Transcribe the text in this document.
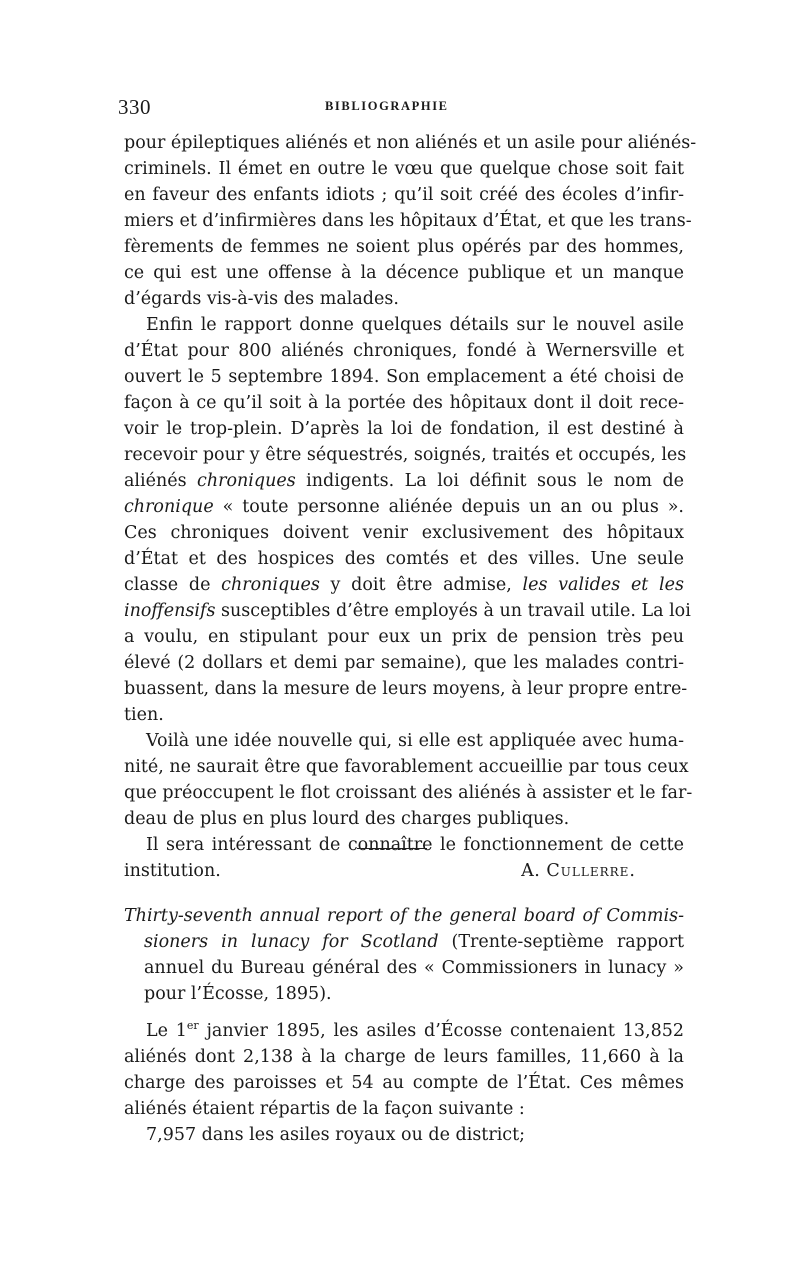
330	BIBLIOGRAPHIE
pour épileptiques aliénés et non aliénés et un asile pour aliénés-
criminels. Il émet en outre le vœu que quelque chose soit fait
en faveur des enfants idiots ; qu’il soit créé des écoles d’infir-
miers et d’infirmières dans les hôpitaux d’État, et que les trans-
fèrements de femmes ne soient plus opérés par des hommes,
ce qui est une offense à la décence publique et un manque
d’égards vis-à-vis des malades.
Enfin le rapport donne quelques détails sur le nouvel asile
d’État pour 800 aliénés chroniques, fondé à Wernersville et
ouvert le 5 septembre 1894. Son emplacement a été choisi de
façon à ce qu’il soit à la portée des hôpitaux dont il doit rece-
voir le trop-plein. D’après la loi de fondation, il est destiné à
recevoir pour y être séquestrés, soignés, traités et occupés, les
aliénés chroniques indigents. La loi définit sous le nom de
chronique « toute personne aliénée depuis un an ou plus ».
Ces chroniques doivent venir exclusivement des hôpitaux
d’État et des hospices des comtés et des villes. Une seule
classe de chroniques y doit être admise, les valides et les
inoffensifs susceptibles d’être employés à un travail utile. La loi
a voulu, en stipulant pour eux un prix de pension très peu
élevé (2 dollars et demi par semaine), que les malades contri-
buassent, dans la mesure de leurs moyens, à leur propre entre-
tien.
Voilà une idée nouvelle qui, si elle est appliquée avec huma-
nité, ne saurait être que favorablement accueillie par tous ceux
que préoccupent le flot croissant des aliénés à assister et le far-
deau de plus en plus lourd des charges publiques.
Il sera intéressant de connaître le fonctionnement de cette
institution.	A. Cullerre.
Thirty-seventh annual report of the general board of Commis-
sioners in lunacy for Scotland (Trente-septième rapport
annuel du Bureau général des « Commissioners in lunacy »
pour l’Écosse, 1895).
Le 1er janvier 1895, les asiles d’Écosse contenaient 13,852
aliénés dont 2,138 à la charge de leurs familles, 11,660 à la
charge des paroisses et 54 au compte de l’État. Ces mêmes
aliénés étaient répartis de la façon suivante :
7,957 dans les asiles royaux ou de district;
